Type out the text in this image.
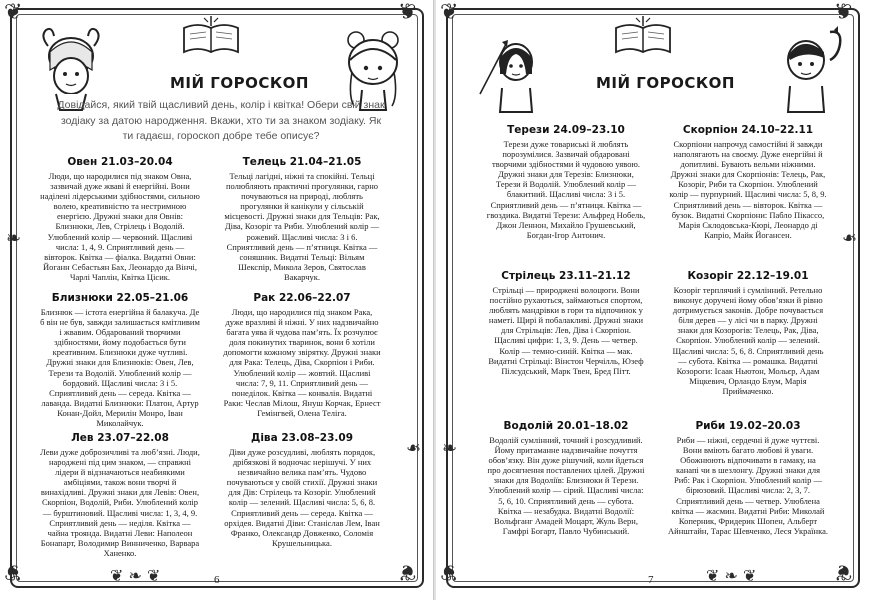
❦	❦
❦	❦
❧
❧
❦ ❧ ❦
МІЙ ГОРОСКОП
Довідайся, який твій щасливий день, колір і квітка! Обери свій знак зодіаку за датою народження. Вкажи, хто ти за знаком зодіаку. Як ти гадаєш, гороскоп добре тебе описує?
Овен 21.03–20.04
Люди, що народилися під знаком Овна, зазвичай дуже жваві й енергійні. Вони наділені лідерськими здібностями, сильною волею, креативністю та нестримною енергією. Дружні знаки для Овнів: Близнюки, Лев, Стрілець і Водолій. Улюблений колір — червоний. Щасливі числа: 1, 4, 9. Сприятливий день — вівторок. Квітка — фіалка. Видатні Овни: Йоганн Себастьян Бах, Леонардо да Вінчі, Чарлі Чаплін, Квітка Цісик.
Телець 21.04–21.05
Тельці лагідні, ніжні та спокійні. Тельці полюбляють практичні прогулянки, гарно почуваються на природі, люблять прогулянки й канікули у сільській місцевості. Дружні знаки для Тельців: Рак, Діва, Козоріг та Риби. Улюблений колір — рожевий. Щасливі числа: 3 і 6. Сприятливий день — п’ятниця. Квітка — соняшник. Видатні Тельці: Вільям Шекспір, Микола Зеров, Святослав Вакарчук.
Близнюки 22.05–21.06
Близнюк — істота енергійна й балакуча. Де б він не був, завжди залишається кмітливим і жвавим. Обдарований творчими здібностями, йому подобається бути креативним. Близнюки дуже чутливі. Дружні знаки для Близнюків: Овен, Лев, Терези та Водолій. Улюблений колір — бордовий. Щасливі числа: 3 і 5. Сприятливий день — середа. Квітка — лаванда. Видатні Близнюки: Платон, Артур Конан-Дойл, Мерилін Монро, Іван Миколайчук.
Рак 22.06–22.07
Люди, що народилися під знаком Рака, дуже вразливі й ніжні. У них надзвичайно багата уява й чудова пам’ять. Їх розчулює доля покинутих тваринок, вони б хотіли допомогти кожному звірятку. Дружні знаки для Рака: Телець, Діва, Скорпіон і Риби. Улюблений колір — жовтий. Щасливі числа: 7, 9, 11. Сприятливий день — понеділок. Квітка — конвалія. Видатні Раки: Чеслав Мілош, Януш Корчак, Ернест Гемінгвей, Олена Теліга.
Лев 23.07–22.08
Леви дуже доброзичливі та люб’язні. Люди, народжені під цим знаком, — справжні лідери й відзначаються неабиякими амбіціями, також вони творчі й винахідливі. Дружні знаки для Левів: Овен, Скорпіон, Водолій, Риби. Улюблений колір — бурштиновий. Щасливі числа: 1, 3, 4, 9. Сприятливий день — неділя. Квітка — чайна троянда. Видатні Леви: Наполеон Бонапарт, Володимир Винниченко, Варвара Ханенко.
Діва 23.08–23.09
Діви дуже розсудливі, люблять порядок, дрібязкові й водночас нерішучі. У них незвичайно велика пам’ять. Чудово почуваються у своїй стихії. Дружні знаки для Дів: Стрілець та Козоріг. Улюблений колір — зелений. Щасливі числа: 5, 6, 8. Сприятливий день — середа. Квітка — орхідея. Видатні Діви: Станіслав Лем, Іван Франко, Олександр Довженко, Соломія Крушельницька.
6
❦	❦
❦	❦
❧
❧
❦ ❧ ❦
МІЙ ГОРОСКОП
Терези 24.09–23.10
Терези дуже товариські й люблять порозумілися. Зазвичай обдаровані творчими здібностями й чудовою уявою. Дружні знаки для Терезів: Близнюки, Терези й Водолій. Улюблений колір — блакитний. Щасливі числа: 3 і 5. Сприятливий день — п’ятниця. Квітка — гвоздика. Видатні Терези: Альфред Нобель, Джон Леннон, Михайло Грушевський, Богдан-Ігор Антонич.
Скорпіон 24.10–22.11
Скорпіони напрочуд самостійні й завжди наполягають на своєму. Дуже енергійні й допитливі. Бувають вельми ніжними. Дружні знаки для Скорпіонів: Телець, Рак, Козоріг, Риби та Скорпіон. Улюблений колір — пурпурний. Щасливі числа: 5, 8, 9. Сприятливий день — вівторок. Квітка — бузок. Видатні Скорпіони: Пабло Пікассо, Марія Склодовська-Кюрі, Леонардо ді Капріо, Майк Йогансен.
Стрілець 23.11–21.12
Стрільці — природжені волоцюги. Вони постійно рухаються, займаються спортом, люблять мандрівки в гори та відпочинок у наметі. Щирі й побалакливі. Дружні знаки для Стрільців: Лев, Діва і Скорпіон. Щасливі цифри: 1, 3, 9. День — четвер. Колір — темно-синій. Квітка — мак. Видатні Стрільці: Вінстон Черчілль, Юзеф Пілсудський, Марк Твен, Бред Пітт.
Козоріг 22.12–19.01
Козоріг терплячий і сумлінний. Ретельно виконує доручені йому обов’язки й рівно дотримується законів. Добре почувається біля дерев — у лісі чи в парку. Дружні знаки для Козорогів: Телець, Рак, Діва, Скорпіон. Улюблений колір — зелений. Щасливі числа: 5, 6, 8. Сприятливий день — субота. Квітка — ромашка. Видатні Козороги: Ісаак Ньютон, Мольєр, Адам Міцкевич, Орландо Блум, Марія Приймаченко.
Водолій 20.01–18.02
Водолій сумлінний, точний і розсудливий. Йому притаманне надзвичайне почуття обов’язку. Він дуже рішучий, коли йдеться про досягнення поставлених цілей. Дружні знаки для Водоліїв: Близнюки й Терези. Улюблений колір — сірий. Щасливі числа: 5, 6, 10. Сприятливий день — субота. Квітка — незабудка. Видатні Водолії: Вольфганг Амадей Моцарт, Жуль Верн, Гамфрі Богарт, Павло Чубинський.
Риби 19.02–20.03
Риби — ніжні, сердечні й дуже чуттєві. Вони вміють багато любові й уваги. Обожнюють відпочивати в гамаку, на канапі чи в шезлонгу. Дружні знаки для Риб: Рак і Скорпіон. Улюблений колір — бірюзовий. Щасливі числа: 2, 3, 7. Сприятливий день — четвер. Улюблена квітка — жасмин. Видатні Риби: Миколай Коперник, Фридерик Шопен, Альберт Айнштайн, Тарас Шевченко, Леся Українка.
7
